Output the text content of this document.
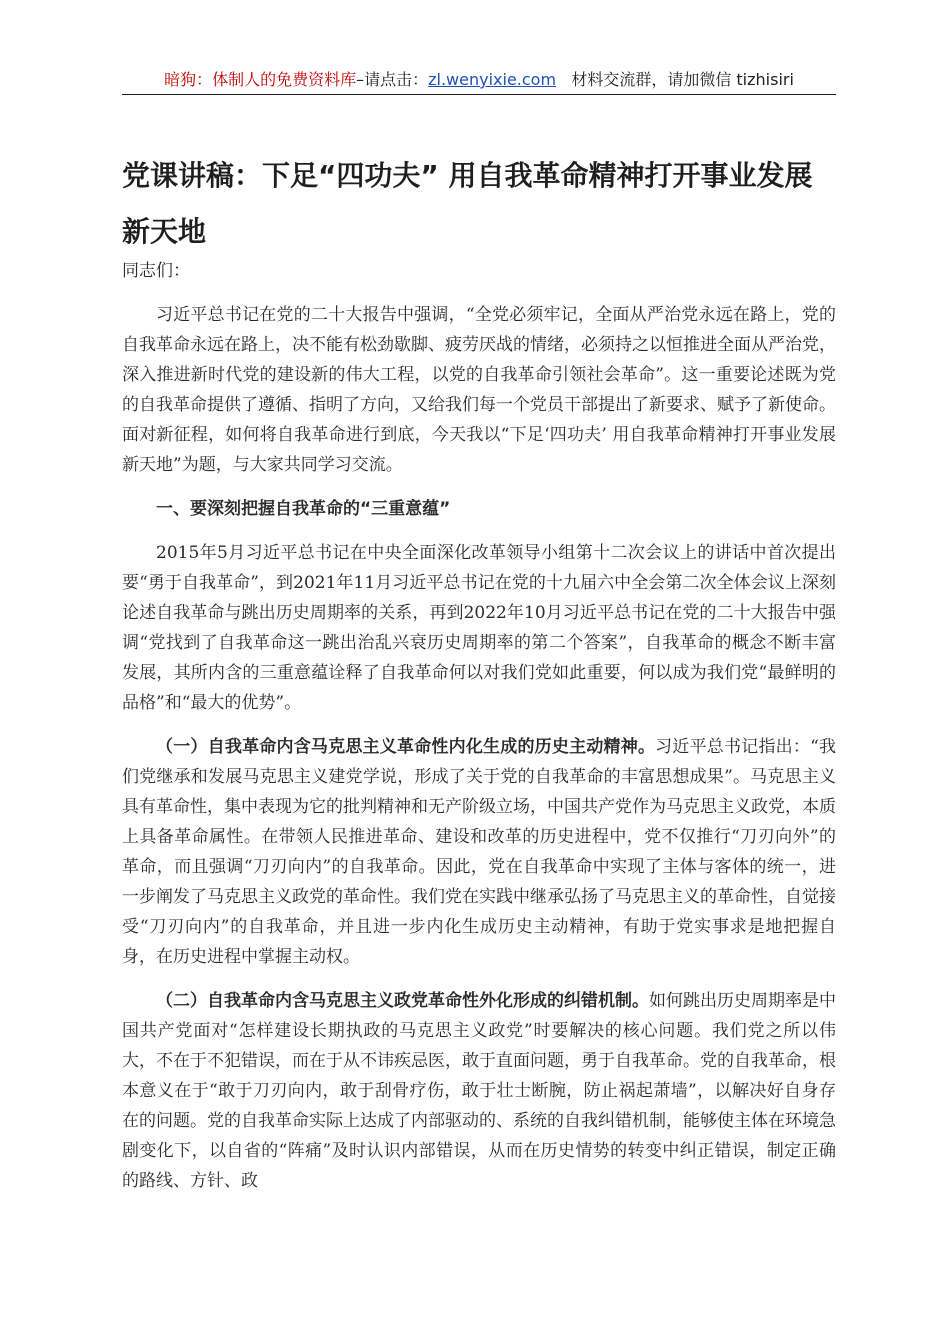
暗狗：体制人的免费资料库–请点击：zl.wenyixie.com 材料交流群，请加微信 tizhisiri
党课讲稿：下足“四功夫” 用自我革命精神打开事业发展新天地

同志们：

习近平总书记在党的二十大报告中强调，“全党必须牢记，全面从严治党永远在路上，党的自我革命永远在路上，决不能有松劲歇脚、疲劳厌战的情绪，必须持之以恒推进全面从严治党，深入推进新时代党的建设新的伟大工程，以党的自我革命引领社会革命”。这一重要论述既为党的自我革命提供了遵循、指明了方向，又给我们每一个党员干部提出了新要求、赋予了新使命。面对新征程，如何将自我革命进行到底，今天我以“下足‘四功夫’ 用自我革命精神打开事业发展新天地”为题，与大家共同学习交流。

一、要深刻把握自我革命的“三重意蕴”

2015年5月习近平总书记在中央全面深化改革领导小组第十二次会议上的讲话中首次提出要“勇于自我革命”，到2021年11月习近平总书记在党的十九届六中全会第二次全体会议上深刻论述自我革命与跳出历史周期率的关系，再到2022年10月习近平总书记在党的二十大报告中强调“党找到了自我革命这一跳出治乱兴衰历史周期率的第二个答案”，自我革命的概念不断丰富发展，其所内含的三重意蕴诠释了自我革命何以对我们党如此重要，何以成为我们党“最鲜明的品格”和“最大的优势”。

（一）自我革命内含马克思主义革命性内化生成的历史主动精神。习近平总书记指出：“我们党继承和发展马克思主义建党学说，形成了关于党的自我革命的丰富思想成果”。马克思主义具有革命性，集中表现为它的批判精神和无产阶级立场，中国共产党作为马克思主义政党，本质上具备革命属性。在带领人民推进革命、建设和改革的历史进程中，党不仅推行“刀刃向外”的革命，而且强调“刀刃向内”的自我革命。因此，党在自我革命中实现了主体与客体的统一，进一步阐发了马克思主义政党的革命性。我们党在实践中继承弘扬了马克思主义的革命性，自觉接受“刀刃向内”的自我革命，并且进一步内化生成历史主动精神，有助于党实事求是地把握自身，在历史进程中掌握主动权。

（二）自我革命内含马克思主义政党革命性外化形成的纠错机制。如何跳出历史周期率是中国共产党面对“怎样建设长期执政的马克思主义政党”时要解决的核心问题。我们党之所以伟大，不在于不犯错误，而在于从不讳疾忌医，敢于直面问题，勇于自我革命。党的自我革命，根本意义在于“敢于刀刃向内，敢于刮骨疗伤，敢于壮士断腕，防止祸起萧墙”，以解决好自身存在的问题。党的自我革命实际上达成了内部驱动的、系统的自我纠错机制，能够使主体在环境急剧变化下，以自省的“阵痛”及时认识内部错误，从而在历史情势的转变中纠正错误，制定正确的路线、方针、政
